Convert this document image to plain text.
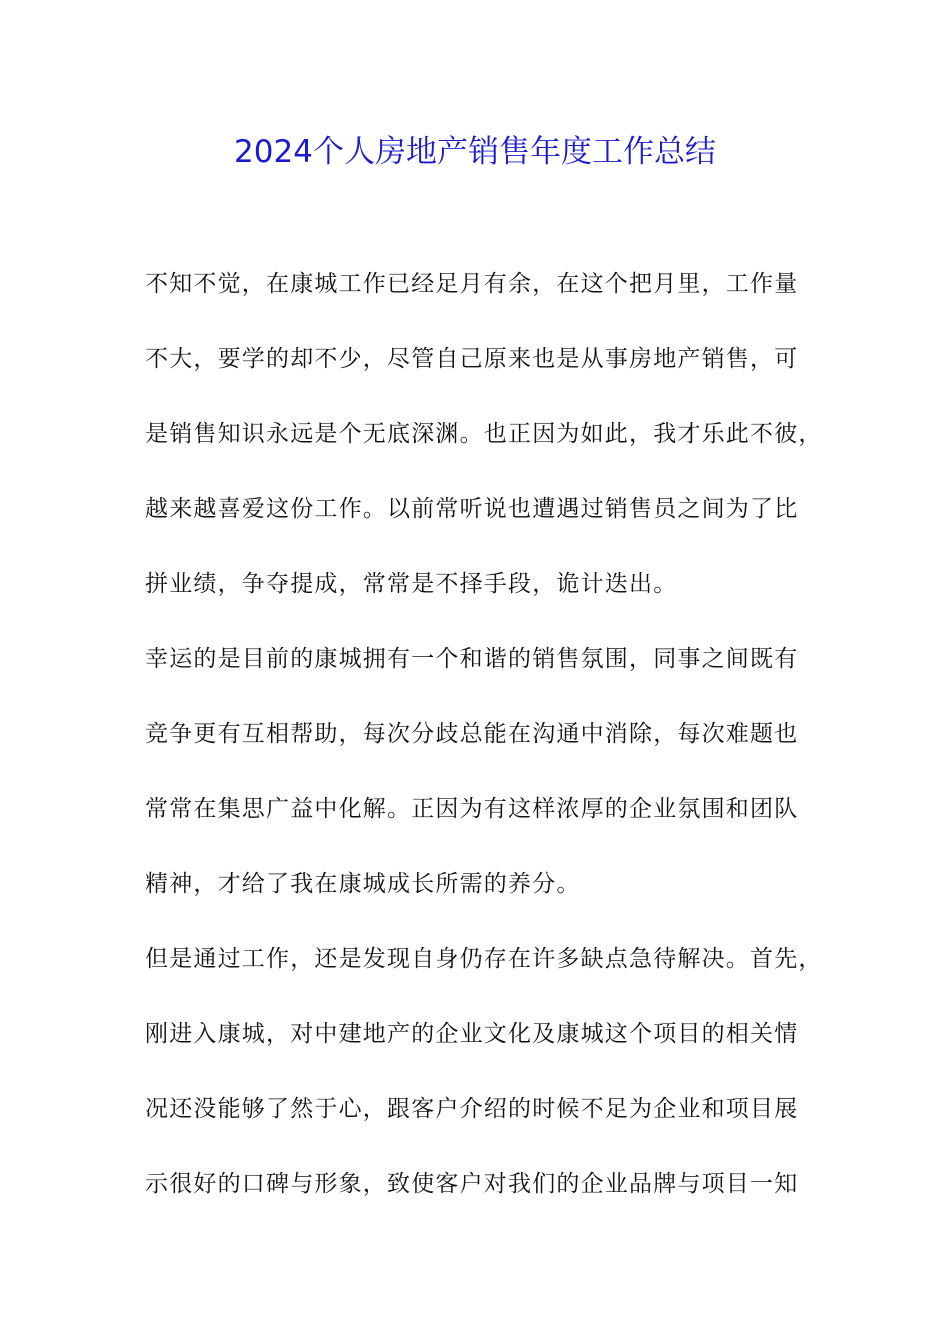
2024个人房地产销售年度工作总结
不知不觉，在康城工作已经足月有余，在这个把月里，工作量
不大，要学的却不少，尽管自己原来也是从事房地产销售，可
是销售知识永远是个无底深渊。也正因为如此，我才乐此不彼，
越来越喜爱这份工作。以前常听说也遭遇过销售员之间为了比
拼业绩，争夺提成，常常是不择手段，诡计迭出。
幸运的是目前的康城拥有一个和谐的销售氛围，同事之间既有
竞争更有互相帮助，每次分歧总能在沟通中消除，每次难题也
常常在集思广益中化解。正因为有这样浓厚的企业氛围和团队
精神，才给了我在康城成长所需的养分。
但是通过工作，还是发现自身仍存在许多缺点急待解决。首先，
刚进入康城，对中建地产的企业文化及康城这个项目的相关情
况还没能够了然于心，跟客户介绍的时候不足为企业和项目展
示很好的口碑与形象，致使客户对我们的企业品牌与项目一知
